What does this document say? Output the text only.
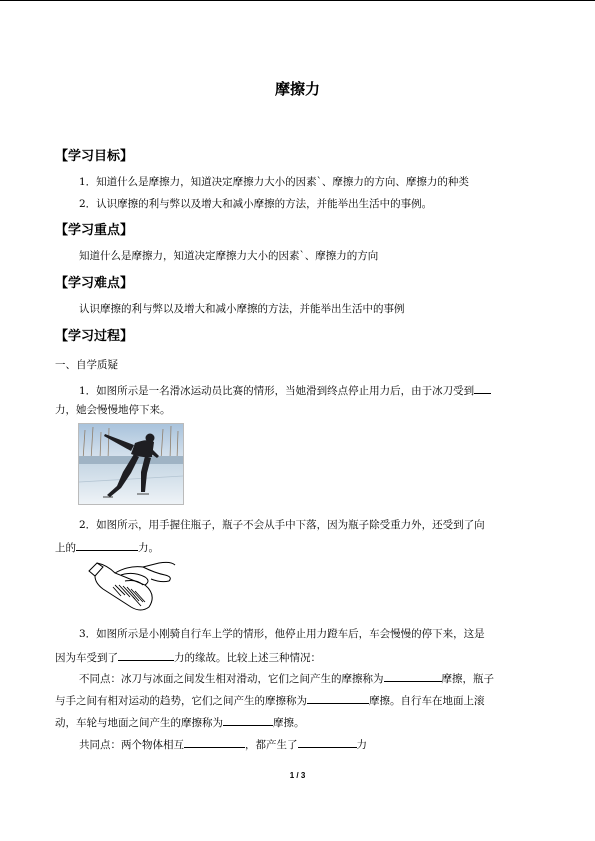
摩擦力
【学习目标】
1．知道什么是摩擦力，知道决定摩擦力大小的因素`、摩擦力的方向、摩擦力的种类
2．认识摩擦的利与弊以及增大和减小摩擦的方法，并能举出生活中的事例。
【学习重点】
知道什么是摩擦力，知道决定摩擦力大小的因素`、摩擦力的方向
【学习难点】
认识摩擦的利与弊以及增大和减小摩擦的方法，并能举出生活中的事例
【学习过程】
一、自学质疑
1．如图所示是一名滑冰运动员比赛的情形，当她滑到终点停止用力后，由于冰刀受到
力，她会慢慢地停下来。
2．如图所示，用手握住瓶子，瓶子不会从手中下落，因为瓶子除受重力外，还受到了向
上的	力。
3．如图所示是小刚骑自行车上学的情形，他停止用力蹬车后，车会慢慢的停下来，这是
因为车受到了	力的缘故。比较上述三种情况：
不同点：冰刀与冰面之间发生相对滑动，它们之间产生的摩擦称为	摩擦，瓶子
与手之间有相对运动的趋势，它们之间产生的摩擦称为	摩擦。自行车在地面上滚
动，车轮与地面之间产生的摩擦称为	摩擦。
共同点：两个物体相互	，都产生了	力
1 / 3
